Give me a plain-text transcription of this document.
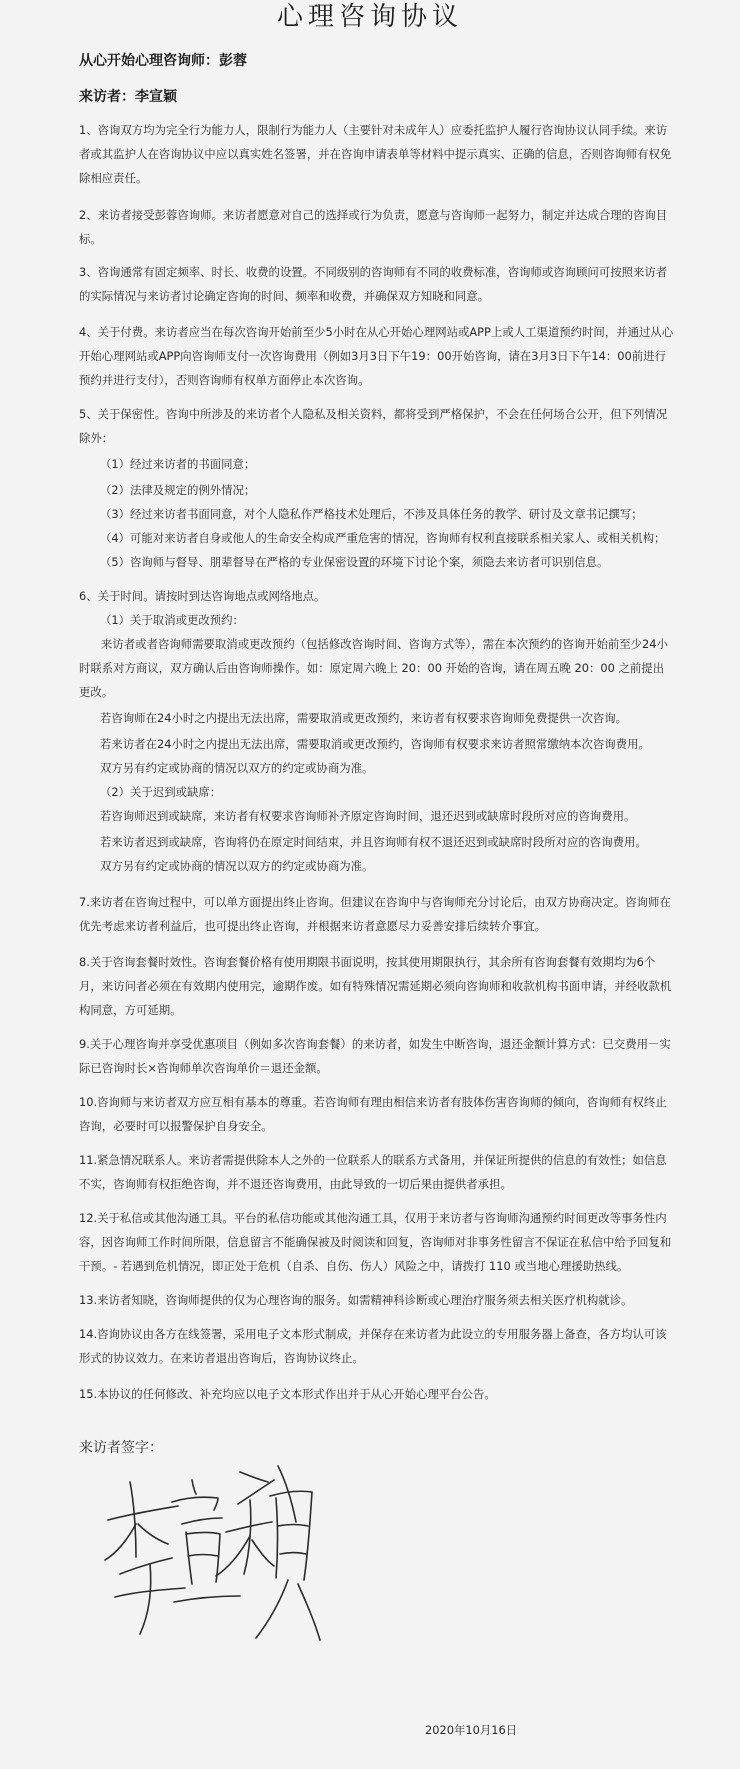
心理咨询协议
从心开始心理咨询师：彭蓉
来访者：李宣颖
1、咨询双方均为完全行为能力人，限制行为能力人（主要针对未成年人）应委托监护人履行咨询协议认同手续。来访者或其监护人在咨询协议中应以真实姓名签署，并在咨询申请表单等材料中提示真实、正确的信息，否则咨询师有权免除相应责任。
2、来访者接受彭蓉咨询师。来访者愿意对自己的选择或行为负责，愿意与咨询师一起努力，制定并达成合理的咨询目标。
3、咨询通常有固定频率、时长、收费的设置。不同级别的咨询师有不同的收费标准，咨询师或咨询顾问可按照来访者的实际情况与来访者讨论确定咨询的时间、频率和收费，并确保双方知晓和同意。
4、关于付费。来访者应当在每次咨询开始前至少5小时在从心开始心理网站或APP上或人工渠道预约时间，并通过从心开始心理网站或APP向咨询师支付一次咨询费用（例如3月3日下午19：00开始咨询，请在3月3日下午14：00前进行预约并进行支付），否则咨询师有权单方面停止本次咨询。
5、关于保密性。咨询中所涉及的来访者个人隐私及相关资料，都将受到严格保护，不会在任何场合公开，但下列情况除外：
（1）经过来访者的书面同意；
（2）法律及规定的例外情况；
（3）经过来访者书面同意，对个人隐私作严格技术处理后，不涉及具体任务的教学、研讨及文章书记撰写；
（4）可能对来访者自身或他人的生命安全构成严重危害的情况，咨询师有权利直接联系相关家人、或相关机构；
（5）咨询师与督导、朋辈督导在严格的专业保密设置的环境下讨论个案，须隐去来访者可识别信息。
6、关于时间。请按时到达咨询地点或网络地点。
（1）关于取消或更改预约：
来访者或者咨询师需要取消或更改预约（包括修改咨询时间、咨询方式等），需在本次预约的咨询开始前至少24小时联系对方商议，双方确认后由咨询师操作。如：原定周六晚上 20：00 开始的咨询，请在周五晚 20：00 之前提出更改。
若咨询师在24小时之内提出无法出席，需要取消或更改预约，来访者有权要求咨询师免费提供一次咨询。
若来访者在24小时之内提出无法出席，需要取消或更改预约，咨询师有权要求来访者照常缴纳本次咨询费用。
双方另有约定或协商的情况以双方的约定或协商为准。
（2）关于迟到或缺席：
若咨询师迟到或缺席，来访者有权要求咨询师补齐原定咨询时间，退还迟到或缺席时段所对应的咨询费用。
若来访者迟到或缺席，咨询将仍在原定时间结束，并且咨询师有权不退还迟到或缺席时段所对应的咨询费用。
双方另有约定或协商的情况以双方的约定或协商为准。
7.来访者在咨询过程中，可以单方面提出终止咨询。但建议在咨询中与咨询师充分讨论后，由双方协商决定。咨询师在优先考虑来访者利益后，也可提出终止咨询，并根据来访者意愿尽力妥善安排后续转介事宜。
8.关于咨询套餐时效性。咨询套餐价格有使用期限书面说明，按其使用期限执行，其余所有咨询套餐有效期均为6个月，来访问者必须在有效期内使用完，逾期作废。如有特殊情况需延期必须向咨询师和收款机构书面申请，并经收款机构同意，方可延期。
9.关于心理咨询并享受优惠项目（例如多次咨询套餐）的来访者，如发生中断咨询，退还金额计算方式：已交费用－实际已咨询时长×咨询师单次咨询单价＝退还金额。
10.咨询师与来访者双方应互相有基本的尊重。若咨询师有理由相信来访者有肢体伤害咨询师的倾向，咨询师有权终止咨询，必要时可以报警保护自身安全。
11.紧急情况联系人。来访者需提供除本人之外的一位联系人的联系方式备用，并保证所提供的信息的有效性；如信息不实，咨询师有权拒绝咨询，并不退还咨询费用，由此导致的一切后果由提供者承担。
12.关于私信或其他沟通工具。平台的私信功能或其他沟通工具，仅用于来访者与咨询师沟通预约时间更改等事务性内容，因咨询师工作时间所限，信息留言不能确保被及时阅读和回复，咨询师对非事务性留言不保证在私信中给予回复和干预。- 若遇到危机情况，即正处于危机（自杀、自伤、伤人）风险之中，请拨打 110 或当地心理援助热线。
13.来访者知晓，咨询师提供的仅为心理咨询的服务。如需精神科诊断或心理治疗服务须去相关医疗机构就诊。
14.咨询协议由各方在线签署，采用电子文本形式制成，并保存在来访者为此设立的专用服务器上备查，各方均认可该形式的协议效力。在来访者退出咨询后，咨询协议终止。
15.本协议的任何修改、补充均应以电子文本形式作出并于从心开始心理平台公告。
来访者签字：
2020年10月16日
